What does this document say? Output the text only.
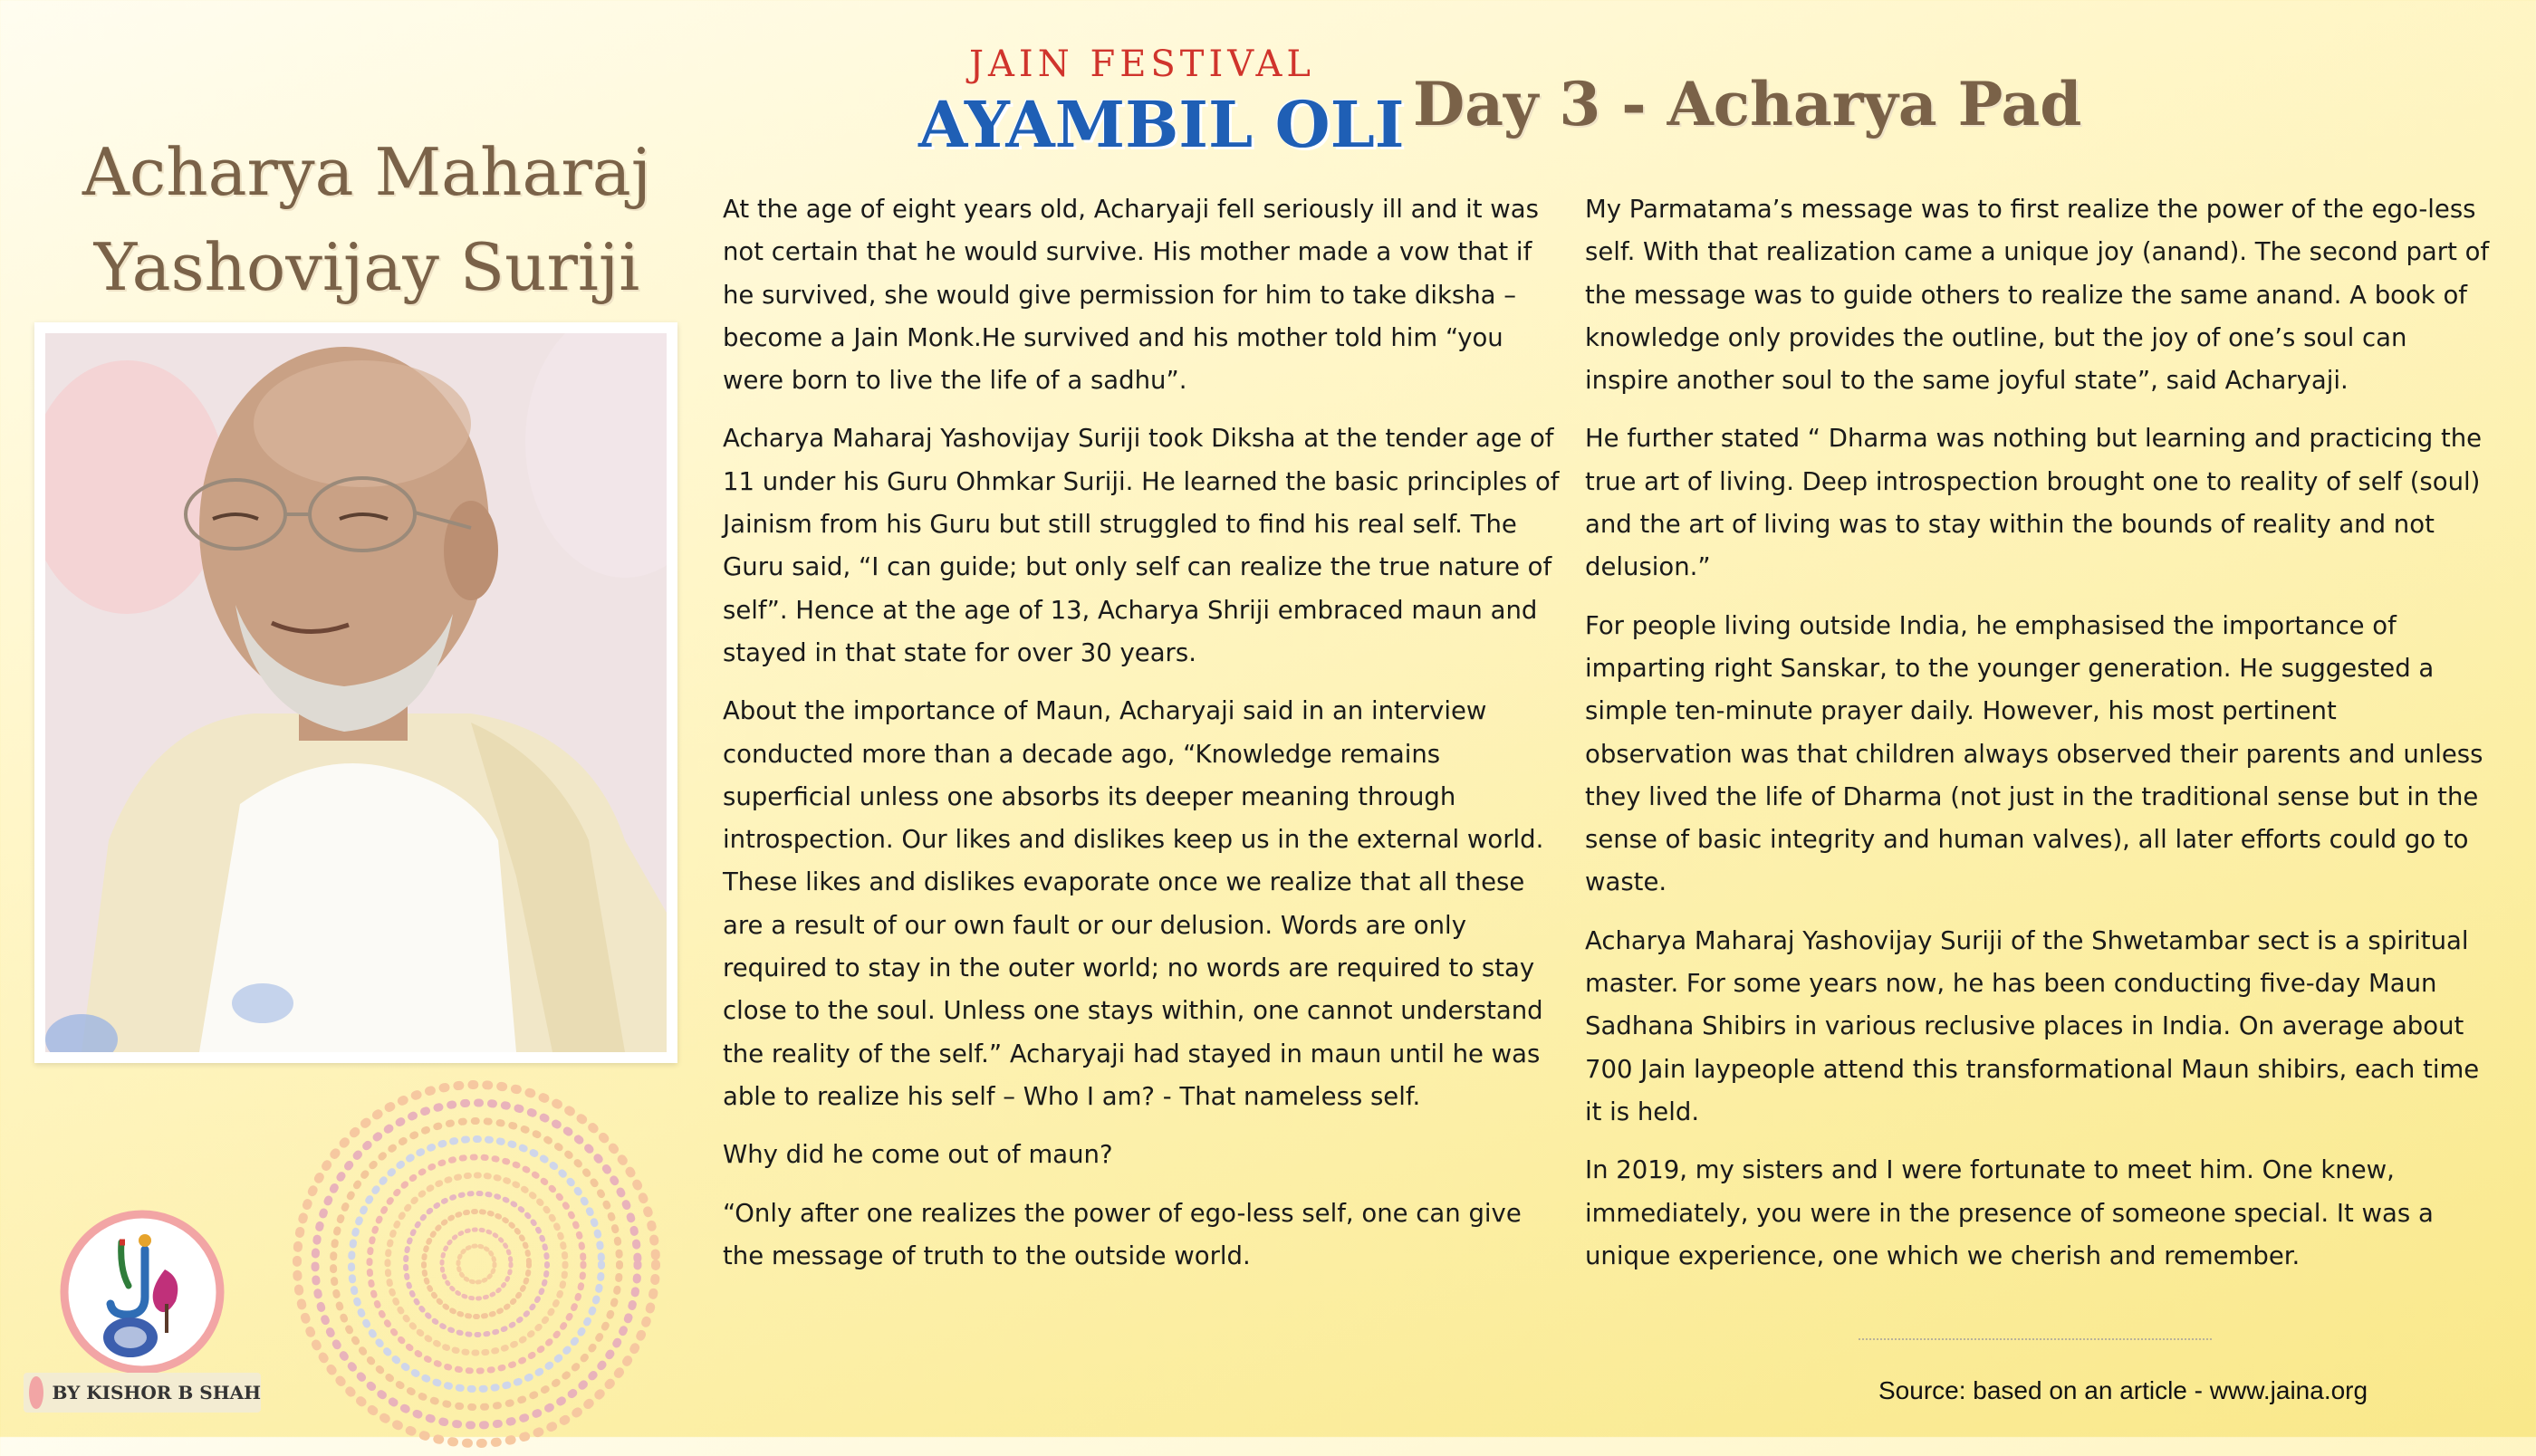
Acharya Maharaj
Yashovijay Suriji
BY KISHOR B SHAH
JAIN FESTIVAL
AYAMBIL OLI Day 3 - Acharya Pad

At the age of eight years old, Acharyaji fell seriously ill and it was not certain that he would survive. His mother made a vow that if he survived, she would give permission for him to take diksha – become a Jain Monk.He survived and his mother told him “you were born to live the life of a sadhu”.

Acharya Maharaj Yashovijay Suriji took Diksha at the tender age of 11 under his Guru Ohmkar Suriji. He learned the basic principles of Jainism from his Guru but still struggled to find his real self. The Guru said, “I can guide; but only self can realize the true nature of self”. Hence at the age of 13, Acharya Shriji embraced maun and stayed in that state for over 30 years.

About the importance of Maun, Acharyaji said in an interview conducted more than a decade ago, “Knowledge remains superficial unless one absorbs its deeper meaning through introspection. Our likes and dislikes keep us in the external world. These likes and dislikes evaporate once we realize that all these are a result of our own fault or our delusion. Words are only required to stay in the outer world; no words are required to stay close to the soul. Unless one stays within, one cannot understand the reality of the self.” Acharyaji had stayed in maun until he was able to realize his self – Who I am? - That nameless self.

Why did he come out of maun?

“Only after one realizes the power of ego-less self, one can give the message of truth to the outside world.

My Parmatama’s message was to first realize the power of the ego-less self. With that realization came a unique joy (anand). The second part of the message was to guide others to realize the same anand. A book of knowledge only provides the outline, but the joy of one’s soul can inspire another soul to the same joyful state”, said Acharyaji.

He further stated “ Dharma was nothing but learning and practicing the true art of living. Deep introspection brought one to reality of self (soul) and the art of living was to stay within the bounds of reality and not delusion.”

For people living outside India, he emphasised the importance of imparting right Sanskar, to the younger generation. He suggested a simple ten-minute prayer daily. However, his most pertinent observation was that children always observed their parents and unless they lived the life of Dharma (not just in the traditional sense but in the sense of basic integrity and human valves), all later efforts could go to waste.

Acharya Maharaj Yashovijay Suriji of the Shwetambar sect is a spiritual master. For some years now, he has been conducting five-day Maun Sadhana Shibirs in various reclusive places in India. On average about 700 Jain laypeople attend this transformational Maun shibirs, each time it is held.

In 2019, my sisters and I were fortunate to meet him. One knew, immediately, you were in the presence of someone special. It was a unique experience, one which we cherish and remember.

Source: based on an article - www.jaina.org
